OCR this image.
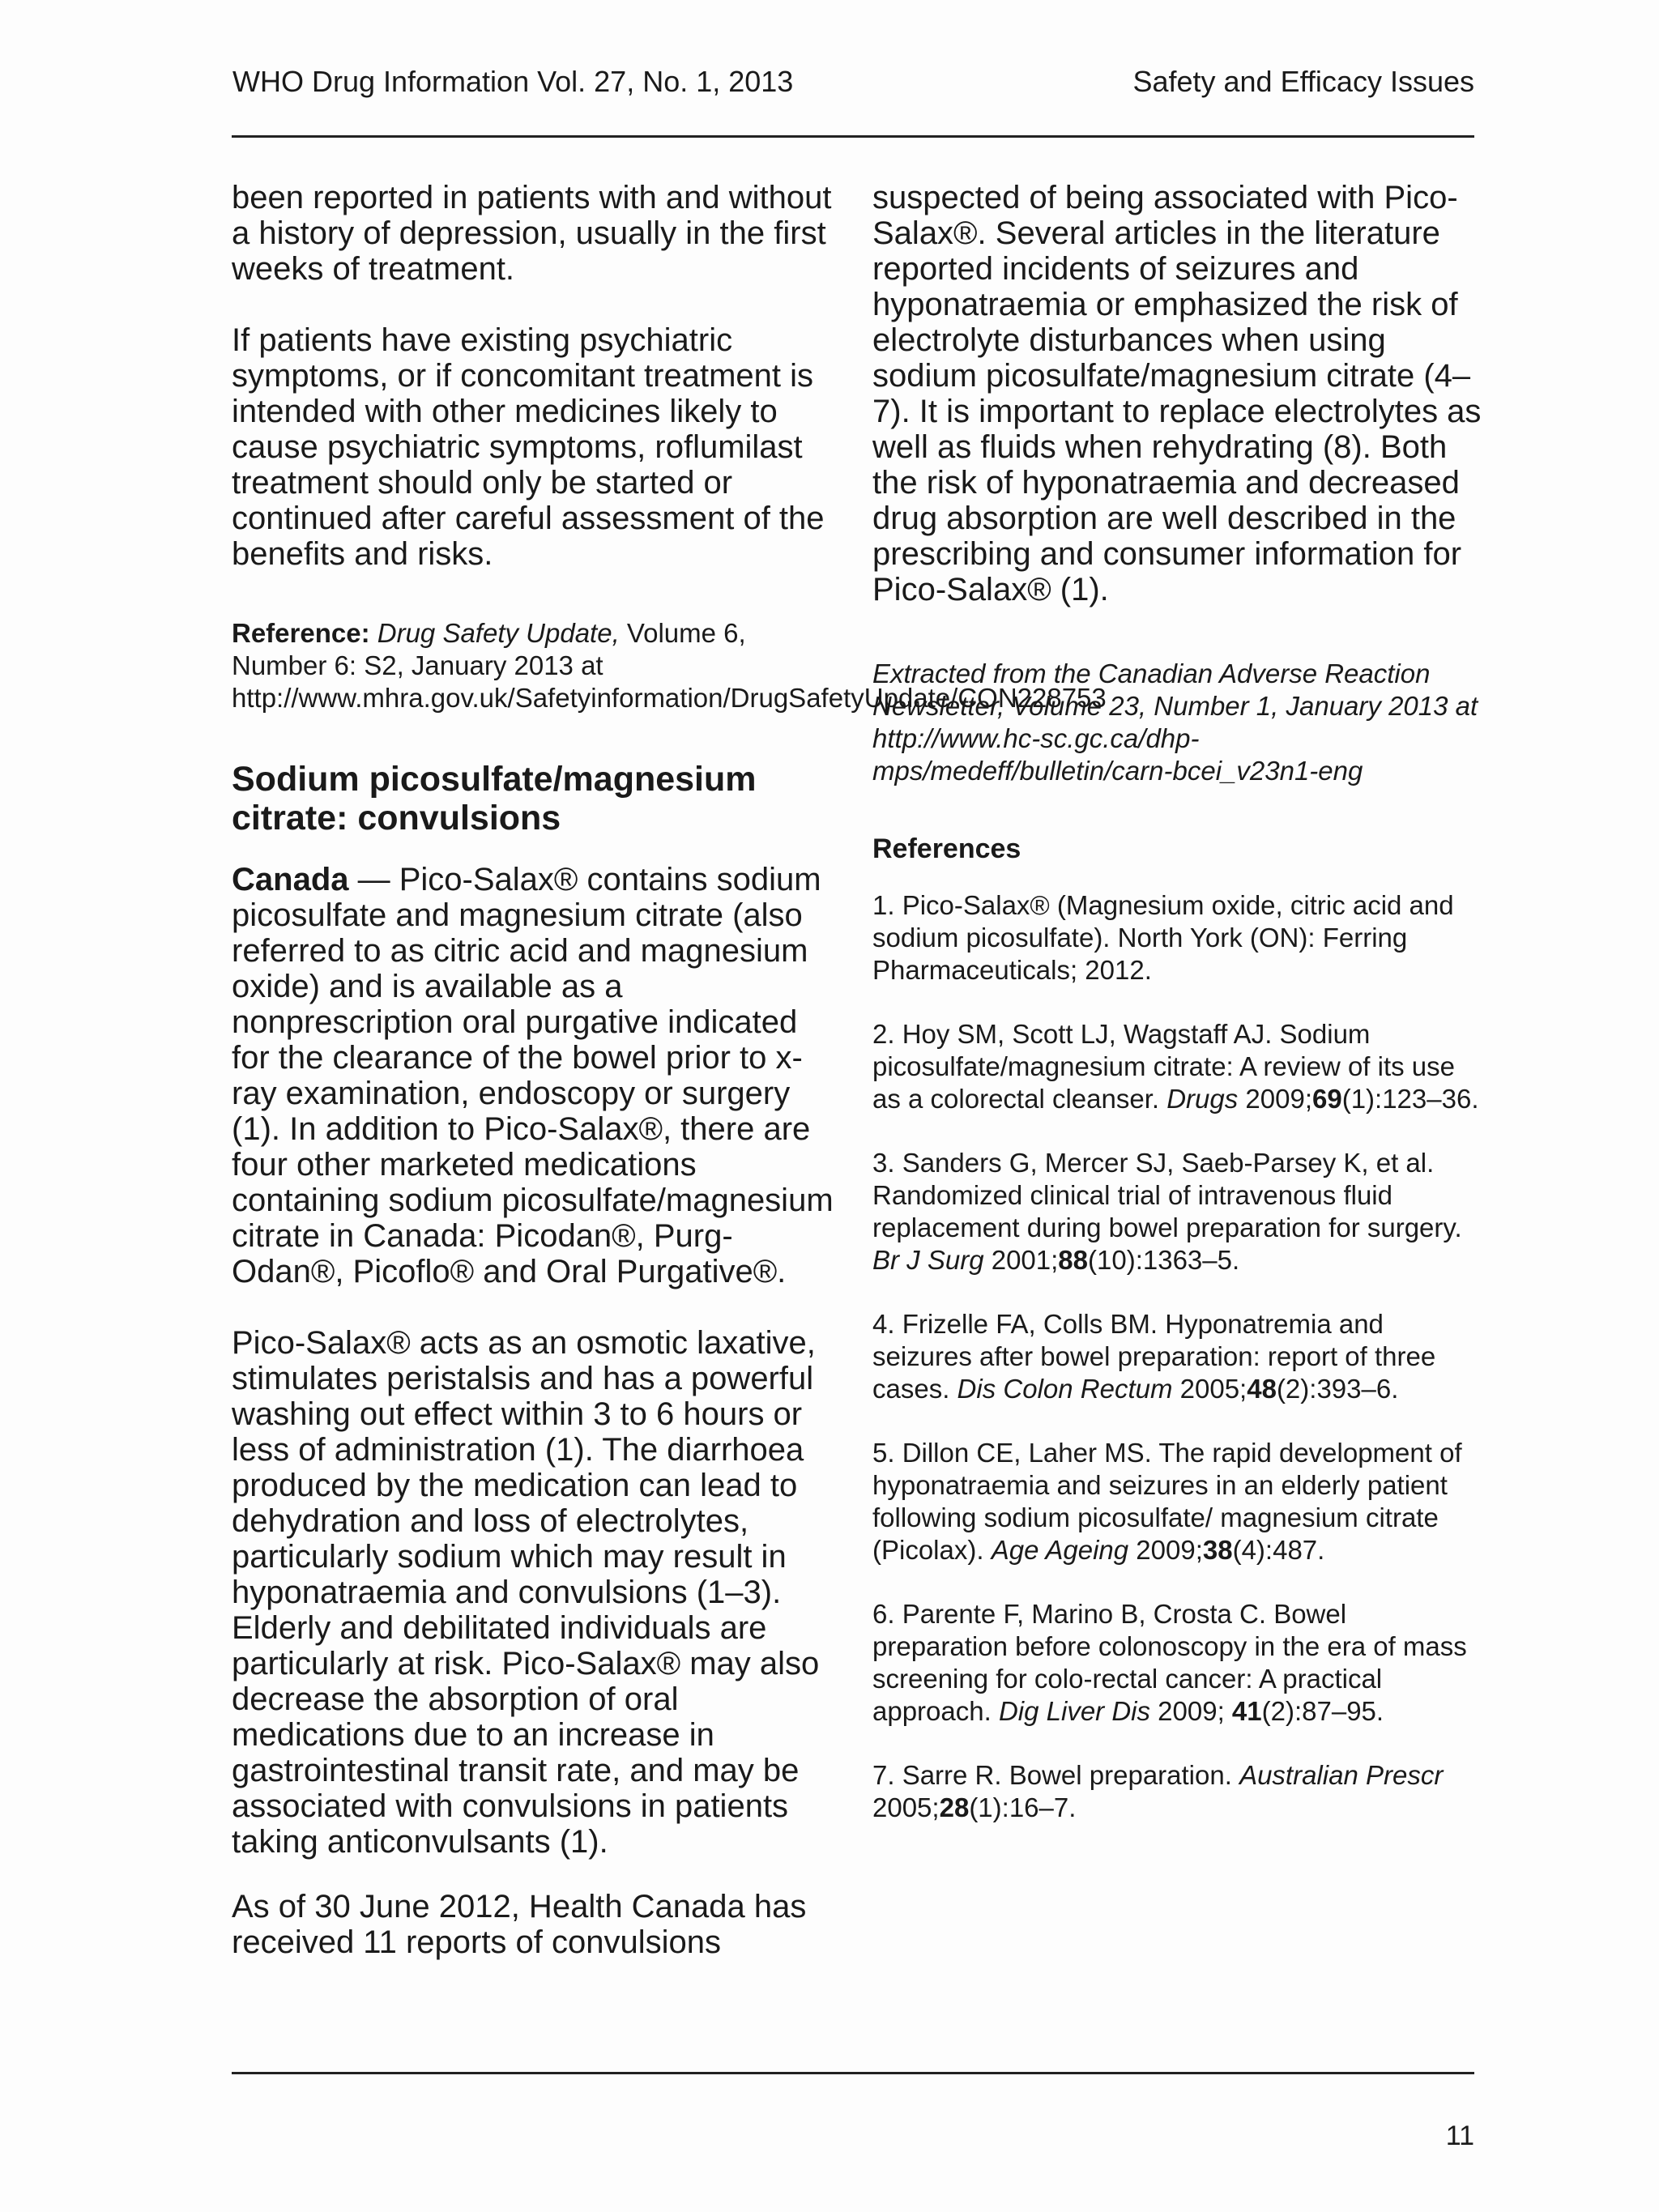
WHO Drug Information Vol. 27, No. 1, 2013	Safety and Efficacy Issues

been reported in patients with and without a history of depression, usually in the first weeks of treatment.

If patients have existing psychiatric symptoms, or if concomitant treatment is intended with other medicines likely to cause psychiatric symptoms, roflumilast treatment should only be started or continued after careful assessment of the benefits and risks.

Reference: Drug Safety Update, Volume 6, Number 6: S2, January 2013 at http://www.mhra.gov.uk/Safetyinformation/DrugSafetyUpdate/CON228753

Sodium picosulfate/magnesium citrate: convulsions

Canada — Pico-Salax® contains sodium picosulfate and magnesium citrate (also referred to as citric acid and magnesium oxide) and is available as a nonprescription oral purgative indicated for the clearance of the bowel prior to x-ray examination, endoscopy or surgery (1). In addition to Pico-Salax®, there are four other marketed medications containing sodium picosulfate/magnesium citrate in Canada: Picodan®, Purg-Odan®, Picoflo® and Oral Purgative®.

Pico-Salax® acts as an osmotic laxative, stimulates peristalsis and has a powerful washing out effect within 3 to 6 hours or less of administration (1). The diarrhoea produced by the medication can lead to dehydration and loss of electrolytes, particularly sodium which may result in hyponatraemia and convulsions (1–3). Elderly and debilitated individuals are particularly at risk. Pico-Salax® may also decrease the absorption of oral medications due to an increase in gastrointestinal transit rate, and may be associated with convulsions in patients taking anticonvulsants (1).

As of 30 June 2012, Health Canada has received 11 reports of convulsions

suspected of being associated with Pico-Salax®. Several articles in the literature reported incidents of seizures and hyponatraemia or emphasized the risk of electrolyte disturbances when using sodium picosulfate/magnesium citrate (4–7). It is important to replace electrolytes as well as fluids when rehydrating (8). Both the risk of hyponatraemia and decreased drug absorption are well described in the prescribing and consumer information for Pico-Salax® (1).

Extracted from the Canadian Adverse Reaction Newsletter, Volume 23, Number 1, January 2013 at http://www.hc-sc.gc.ca/dhp-mps/medeff/bulletin/carn-bcei_v23n1-eng

References

1. Pico-Salax® (Magnesium oxide, citric acid and sodium picosulfate). North York (ON): Ferring Pharmaceuticals; 2012.

2. Hoy SM, Scott LJ, Wagstaff AJ. Sodium picosulfate/magnesium citrate: A review of its use as a colorectal cleanser. Drugs 2009;69(1):123–36.

3. Sanders G, Mercer SJ, Saeb-Parsey K, et al. Randomized clinical trial of intravenous fluid replacement during bowel preparation for surgery. Br J Surg 2001;88(10):1363–5.

4. Frizelle FA, Colls BM. Hyponatremia and seizures after bowel preparation: report of three cases. Dis Colon Rectum 2005;48(2):393–6.

5. Dillon CE, Laher MS. The rapid development of hyponatraemia and seizures in an elderly patient following sodium picosulfate/ magnesium citrate (Picolax). Age Ageing 2009;38(4):487.

6. Parente F, Marino B, Crosta C. Bowel preparation before colonoscopy in the era of mass screening for colo-rectal cancer: A practical approach. Dig Liver Dis 2009; 41(2):87–95.

7. Sarre R. Bowel preparation. Australian Prescr 2005;28(1):16–7.

11
